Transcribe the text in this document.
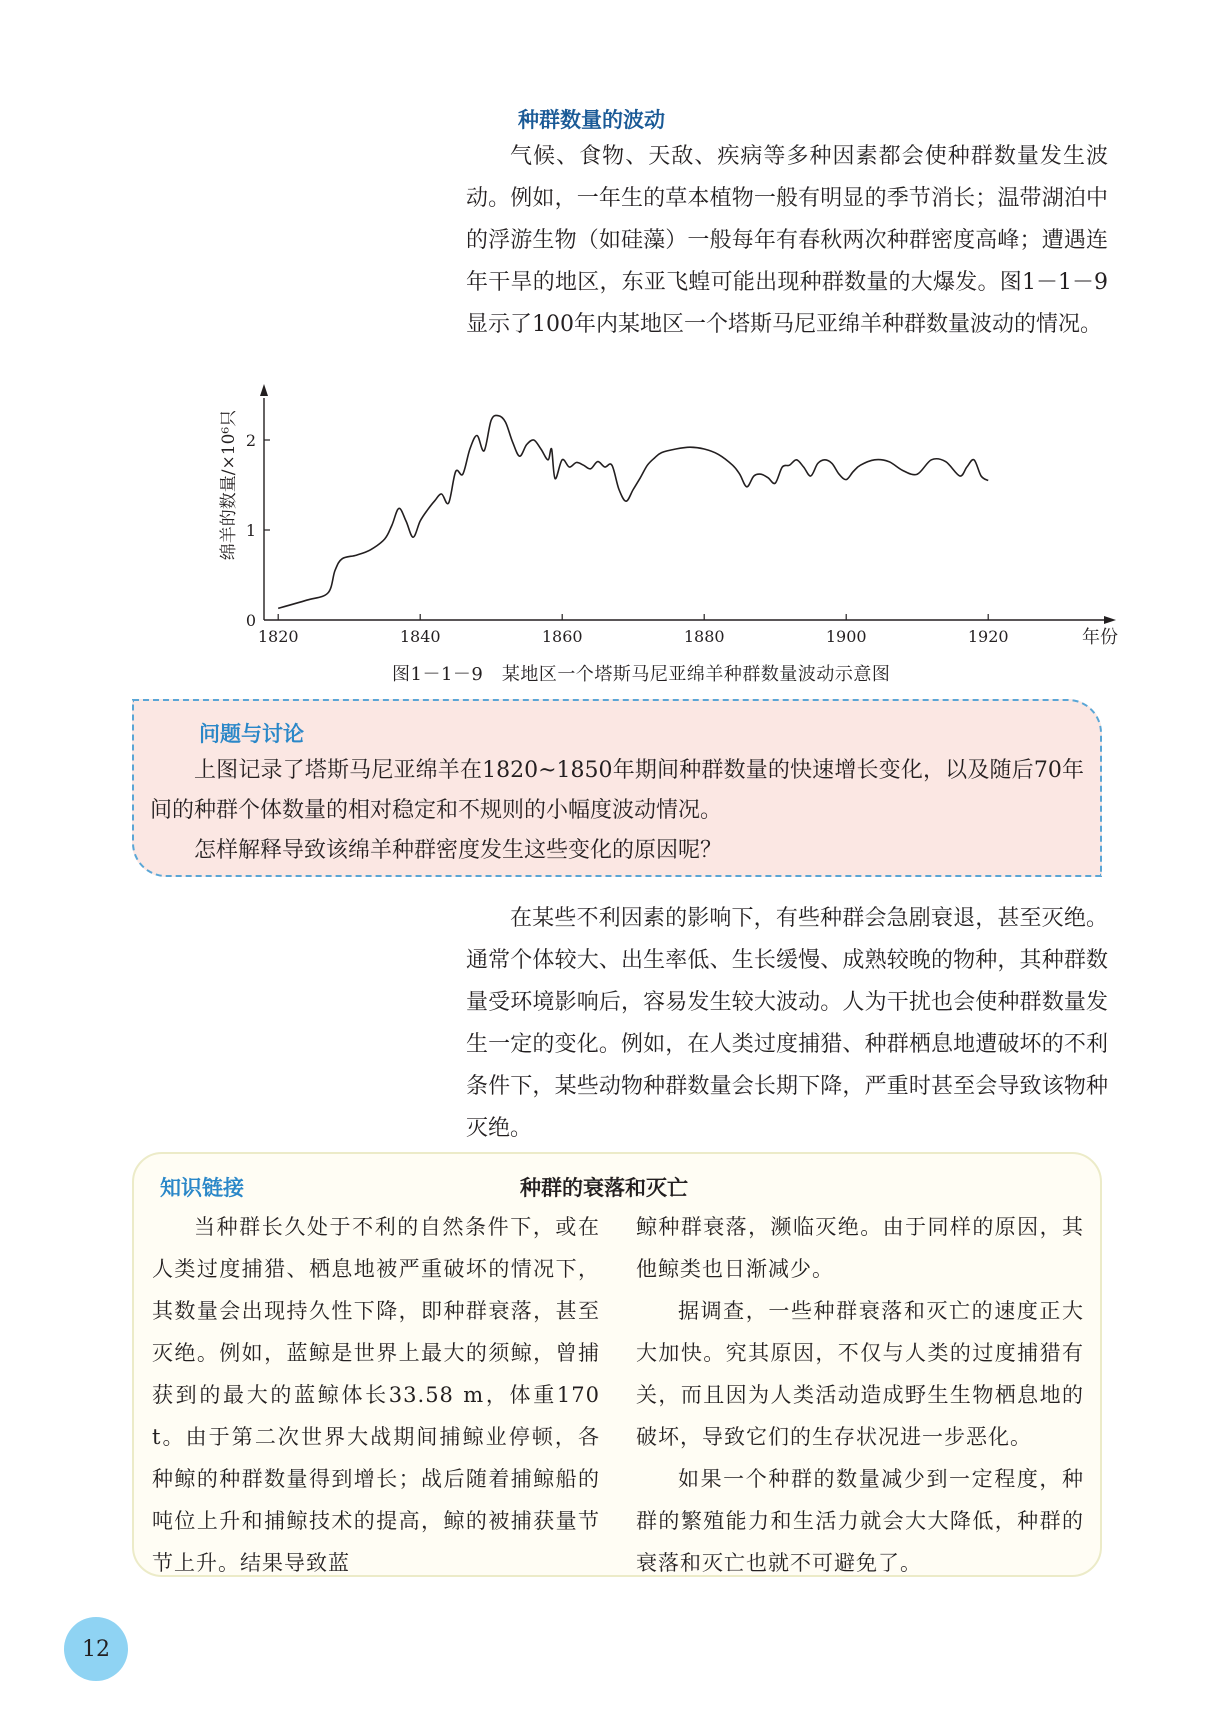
种群数量的波动

气候、食物、天敌、疾病等多种因素都会使种群数量发生波动。例如，一年生的草本植物一般有明显的季节消长；温带湖泊中的浮游生物（如硅藻）一般每年有春秋两次种群密度高峰；遭遇连年干旱的地区，东亚飞蝗可能出现种群数量的大爆发。图1－1－9显示了100年内某地区一个塔斯马尼亚绵羊种群数量波动的情况。

1820	1840	1860	1880	1900	1920
0
1
2
绵羊的数量/×10⁶只
年份
图1－1－9　某地区一个塔斯马尼亚绵羊种群数量波动示意图
问题与讨论

上图记录了塔斯马尼亚绵羊在1820~1850年期间种群数量的快速增长变化，以及随后70年间的种群个体数量的相对稳定和不规则的小幅度波动情况。

怎样解释导致该绵羊种群密度发生这些变化的原因呢？

在某些不利因素的影响下，有些种群会急剧衰退，甚至灭绝。通常个体较大、出生率低、生长缓慢、成熟较晚的物种，其种群数量受环境影响后，容易发生较大波动。人为干扰也会使种群数量发生一定的变化。例如，在人类过度捕猎、种群栖息地遭破坏的不利条件下，某些动物种群数量会长期下降，严重时甚至会导致该物种灭绝。

知识链接	种群的衰落和灭亡

当种群长久处于不利的自然条件下，或在人类过度捕猎、栖息地被严重破坏的情况下，其数量会出现持久性下降，即种群衰落，甚至灭绝。例如，蓝鲸是世界上最大的须鲸，曾捕获到的最大的蓝鲸体长33.58 m，体重170 t。由于第二次世界大战期间捕鲸业停顿，各种鲸的种群数量得到增长；战后随着捕鲸船的吨位上升和捕鲸技术的提高，鲸的被捕获量节节上升。结果导致蓝

鲸种群衰落，濒临灭绝。由于同样的原因，其他鲸类也日渐减少。

据调查，一些种群衰落和灭亡的速度正大大加快。究其原因，不仅与人类的过度捕猎有关，而且因为人类活动造成野生生物栖息地的破坏，导致它们的生存状况进一步恶化。

如果一个种群的数量减少到一定程度，种群的繁殖能力和生活力就会大大降低，种群的衰落和灭亡也就不可避免了。

12
